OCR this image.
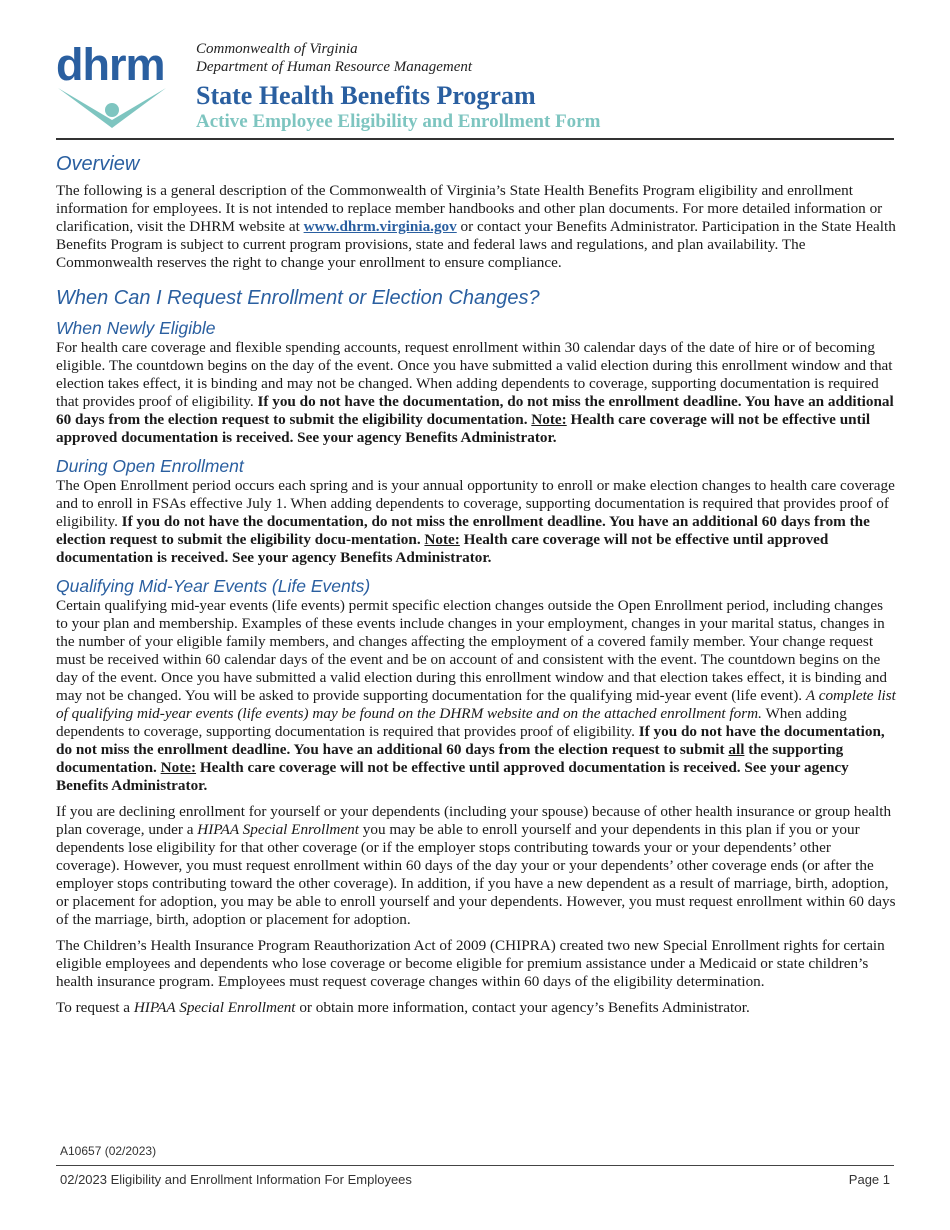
dhrm Commonwealth of Virginia
Department of Human Resource Management
State Health Benefits Program
Active Employee Eligibility and Enrollment Form
Overview

The following is a general description of the Commonwealth of Virginia’s State Health Benefits Program eligibility and enrollment information for employees. It is not intended to replace member handbooks and other plan documents. For more detailed information or clarification, visit the DHRM website at www.dhrm.virginia.gov or contact your Benefits Administrator. Participation in the State Health Benefits Program is subject to current program provisions, state and federal laws and regulations, and plan availability. The Commonwealth reserves the right to change your enrollment to ensure compliance.

When Can I Request Enrollment or Election Changes?
When Newly Eligible

For health care coverage and flexible spending accounts, request enrollment within 30 calendar days of the date of hire or of becoming eligible. The countdown begins on the day of the event. Once you have submitted a valid election during this enrollment window and that election takes effect, it is binding and may not be changed. When adding dependents to coverage, supporting documentation is required that provides proof of eligibility. If you do not have the documentation, do not miss the enrollment deadline. You have an additional 60 days from the election request to submit the eligibility documentation. Note: Health care coverage will not be effective until approved documentation is received. See your agency Benefits Administrator.

During Open Enrollment

The Open Enrollment period occurs each spring and is your annual opportunity to enroll or make election changes to health care coverage and to enroll in FSAs effective July 1. When adding dependents to coverage, supporting documentation is required that provides proof of eligibility. If you do not have the documentation, do not miss the enrollment deadline. You have an additional 60 days from the election request to submit the eligibility docu-mentation. Note: Health care coverage will not be effective until approved documentation is received. See your agency Benefits Administrator.

Qualifying Mid-Year Events (Life Events)

Certain qualifying mid-year events (life events) permit specific election changes outside the Open Enrollment period, including changes to your plan and membership. Examples of these events include changes in your employment, changes in your marital status, changes in the number of your eligible family members, and changes affecting the employment of a covered family member. Your change request must be received within 60 calendar days of the event and be on account of and consistent with the event. The countdown begins on the day of the event. Once you have submitted a valid election during this enrollment window and that election takes effect, it is binding and may not be changed. You will be asked to provide supporting documentation for the qualifying mid-year event (life event). A complete list of qualifying mid-year events (life events) may be found on the DHRM website and on the attached enrollment form. When adding dependents to coverage, supporting documentation is required that provides proof of eligibility. If you do not have the documentation, do not miss the enrollment deadline. You have an additional 60 days from the election request to submit all the supporting documentation. Note: Health care coverage will not be effective until approved documentation is received. See your agency Benefits Administrator.

If you are declining enrollment for yourself or your dependents (including your spouse) because of other health insurance or group health plan coverage, under a HIPAA Special Enrollment you may be able to enroll yourself and your dependents in this plan if you or your dependents lose eligibility for that other coverage (or if the employer stops contributing towards your or your dependents’ other coverage). However, you must request enrollment within 60 days of the day your or your dependents’ other coverage ends (or after the employer stops contributing toward the other coverage). In addition, if you have a new dependent as a result of marriage, birth, adoption, or placement for adoption, you may be able to enroll yourself and your dependents. However, you must request enrollment within 60 days of the marriage, birth, adoption or placement for adoption.

The Children’s Health Insurance Program Reauthorization Act of 2009 (CHIPRA) created two new Special Enrollment rights for certain eligible employees and dependents who lose coverage or become eligible for premium assistance under a Medicaid or state children’s health insurance program. Employees must request coverage changes within 60 days of the eligibility determination.

To request a HIPAA Special Enrollment or obtain more information, contact your agency’s Benefits Administrator.

A10657 (02/2023)
02/2023 Eligibility and Enrollment Information For Employees	Page 1
